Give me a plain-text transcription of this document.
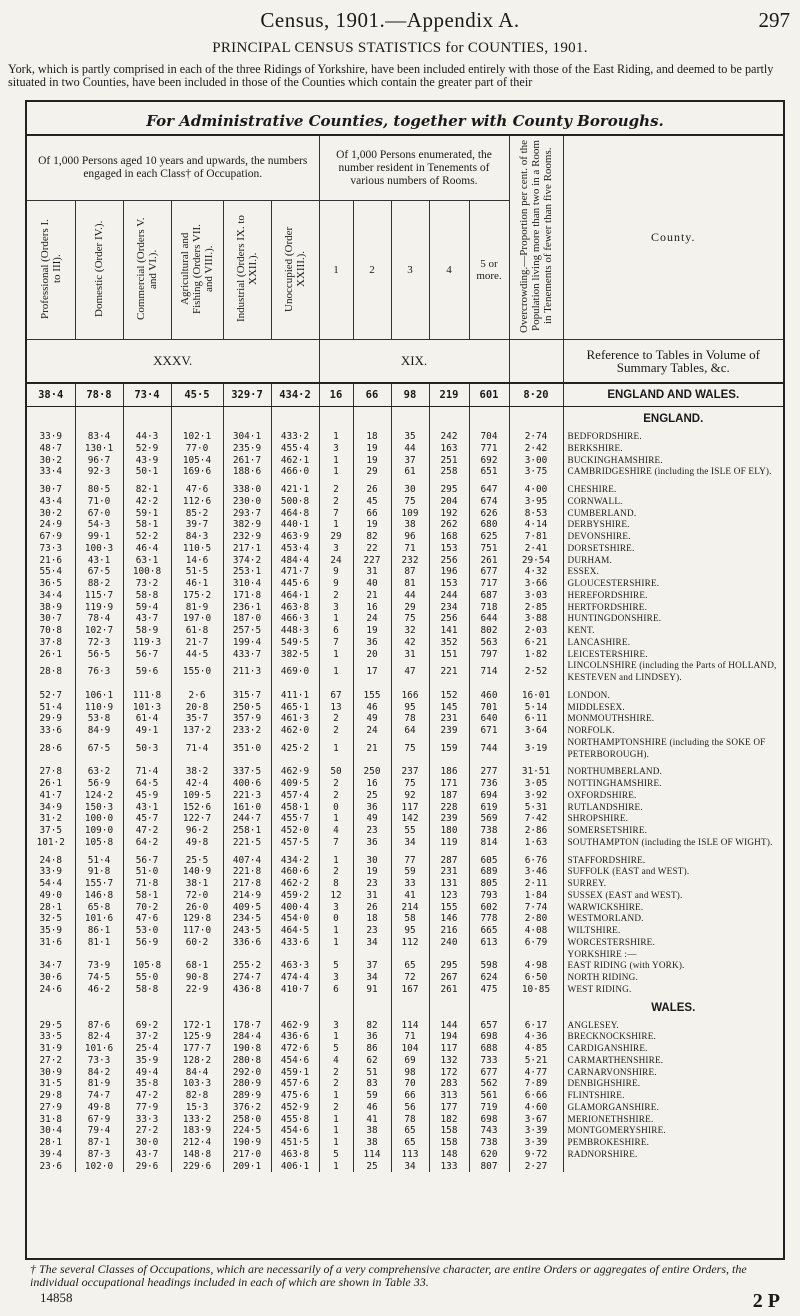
Census, 1901.—Appendix A.	297
PRINCIPAL CENSUS STATISTICS for COUNTIES, 1901.
York, which is partly comprised in each of the three Ridings of Yorkshire, have been included entirely with those of the East Riding, and deemed to be partly situated in two Counties, have been included in those of the Counties which contain the greater part of their
For Administrative Counties, together with County Boroughs.
Of 1,000 Persons aged 10 years and upwards, the numbers engaged in each Class† of Occupation.						Of 1,000 Persons enumerated, the number resident in Tenements of various numbers of Rooms.					Overcrowding.—Proportion per cent. of the Population living more than two in a Room in Tenements of fewer than five Rooms.	County.
Professional (Orders I. to III).	Domestic (Order IV.).	Commercial (Orders V. and VI.).	Agricultural and Fishing (Orders VII. and VIII.).	Industrial (Orders IX. to XXII.).	Unoccupied (Order XXIII.).	1	2	3	4	5 or more.		
XXXV.						XIX.						Reference to Tables in Volume of Summary Tables, &c.
38·4	78·8	73·4	45·5	329·7	434·2	16	66	98	219	601	8·20	ENGLAND AND WALES.
												ENGLAND.
33·9	83·4	44·3	102·1	304·1	433·2	1	18	35	242	704	2·74	BEDFORDSHIRE.
48·7	130·1	52·9	77·0	235·9	455·4	3	19	44	163	771	2·42	BERKSHIRE.
30·2	96·7	43·9	105·4	261·7	462·1	1	19	37	251	692	3·00	BUCKINGHAMSHIRE.
33·4	92·3	50·1	169·6	188·6	466·0	1	29	61	258	651	3·75	CAMBRIDGESHIRE (including the ISLE OF ELY).

30·7	80·5	82·1	47·6	338·0	421·1	2	26	30	295	647	4·00	CHESHIRE.
43·4	71·0	42·2	112·6	230·0	500·8	2	45	75	204	674	3·95	CORNWALL.
30·2	67·0	59·1	85·2	293·7	464·8	7	66	109	192	626	8·53	CUMBERLAND.
24·9	54·3	58·1	39·7	382·9	440·1	1	19	38	262	680	4·14	DERBYSHIRE.
67·9	99·1	52·2	84·3	232·9	463·9	29	82	96	168	625	7·81	DEVONSHIRE.
73·3	100·3	46·4	110·5	217·1	453·4	3	22	71	153	751	2·41	DORSETSHIRE.
21·6	43·1	63·1	14·6	374·2	484·4	24	227	232	256	261	29·54	DURHAM.
55·4	67·5	100·8	51·5	253·1	471·7	9	31	87	196	677	4·32	ESSEX.
36·5	88·2	73·2	46·1	310·4	445·6	9	40	81	153	717	3·66	GLOUCESTERSHIRE.
34·4	115·7	58·8	175·2	171·8	464·1	2	21	44	244	687	3·03	HEREFORDSHIRE.
38·9	119·9	59·4	81·9	236·1	463·8	3	16	29	234	718	2·85	HERTFORDSHIRE.
30·7	78·4	43·7	197·0	187·0	466·3	1	24	75	256	644	3·88	HUNTINGDONSHIRE.
70·8	102·7	58·9	61·8	257·5	448·3	6	19	32	141	802	2·03	KENT.
37·8	72·3	119·3	21·7	199·4	549·5	7	36	42	352	563	6·21	LANCASHIRE.
26·1	56·5	56·7	44·5	433·7	382·5	1	20	31	151	797	1·82	LEICESTERSHIRE.
28·8	76·3	59·6	155·0	211·3	469·0	1	17	47	221	714	2·52	LINCOLNSHIRE (including the Parts of HOLLAND, KESTEVEN and LINDSEY).

52·7	106·1	111·8	2·6	315·7	411·1	67	155	166	152	460	16·01	LONDON.
51·4	110·9	101·3	20·8	250·5	465·1	13	46	95	145	701	5·14	MIDDLESEX.
29·9	53·8	61·4	35·7	357·9	461·3	2	49	78	231	640	6·11	MONMOUTHSHIRE.
33·6	84·9	49·1	137·2	233·2	462·0	2	24	64	239	671	3·64	NORFOLK.
28·6	67·5	50·3	71·4	351·0	425·2	1	21	75	159	744	3·19	NORTHAMPTONSHIRE (including the SOKE OF PETERBOROUGH).

27·8	63·2	71·4	38·2	337·5	462·9	50	250	237	186	277	31·51	NORTHUMBERLAND.
26·1	56·9	64·5	42·4	400·6	409·5	2	16	75	171	736	3·05	NOTTINGHAMSHIRE.
41·7	124·2	45·9	109·5	221·3	457·4	2	25	92	187	694	3·92	OXFORDSHIRE.
34·9	150·3	43·1	152·6	161·0	458·1	0	36	117	228	619	5·31	RUTLANDSHIRE.
31·2	100·0	45·7	122·7	244·7	455·7	1	49	142	239	569	7·42	SHROPSHIRE.
37·5	109·0	47·2	96·2	258·1	452·0	4	23	55	180	738	2·86	SOMERSETSHIRE.
101·2	105·8	64·2	49·8	221·5	457·5	7	36	34	119	814	1·63	SOUTHAMPTON (including the ISLE OF WIGHT).

24·8	51·4	56·7	25·5	407·4	434·2	1	30	77	287	605	6·76	STAFFORDSHIRE.
33·9	91·8	51·0	140·9	221·8	460·6	2	19	59	231	689	3·46	SUFFOLK (EAST and WEST).
54·4	155·7	71·8	38·1	217·8	462·2	8	23	33	131	805	2·11	SURREY.
49·0	146·8	58·1	72·0	214·9	459·2	12	31	41	123	793	1·84	SUSSEX (EAST and WEST).
28·1	65·8	70·2	26·0	409·5	400·4	3	26	214	155	602	7·74	WARWICKSHIRE.
32·5	101·6	47·6	129·8	234·5	454·0	0	18	58	146	778	2·80	WESTMORLAND.
35·9	86·1	53·0	117·0	243·5	464·5	1	23	95	216	665	4·08	WILTSHIRE.
31·6	81·1	56·9	60·2	336·6	433·6	1	34	112	240	613	6·79	WORCESTERSHIRE.
												YORKSHIRE :—
34·7	73·9	105·8	68·1	255·2	463·3	5	37	65	295	598	4·98	EAST RIDING (with YORK).
30·6	74·5	55·0	90·8	274·7	474·4	3	34	72	267	624	6·50	NORTH RIDING.
24·6	46·2	58·8	22·9	436·8	410·7	6	91	167	261	475	10·85	WEST RIDING.
												WALES.
29·5	87·6	69·2	172·1	178·7	462·9	3	82	114	144	657	6·17	ANGLESEY.
33·5	82·4	37·2	125·9	284·4	436·6	1	36	71	194	698	4·36	BRECKNOCKSHIRE.
31·9	101·6	25·4	177·7	190·8	472·6	5	86	104	117	688	4·85	CARDIGANSHIRE.
27·2	73·3	35·9	128·2	280·8	454·6	4	62	69	132	733	5·21	CARMARTHENSHIRE.
30·9	84·2	49·4	84·4	292·0	459·1	2	51	98	172	677	4·77	CARNARVONSHIRE.
31·5	81·9	35·8	103·3	280·9	457·6	2	83	70	283	562	7·89	DENBIGHSHIRE.
29·8	74·7	47·2	82·8	289·9	475·6	1	59	66	313	561	6·66	FLINTSHIRE.
27·9	49·8	77·9	15·3	376·2	452·9	2	46	56	177	719	4·60	GLAMORGANSHIRE.
31·8	67·9	33·3	133·2	258·0	455·8	1	41	78	182	698	3·67	MERIONETHSHIRE.
30·4	79·4	27·2	183·9	224·5	454·6	1	38	65	158	743	3·39	MONTGOMERYSHIRE.
28·1	87·1	30·0	212·4	190·9	451·5	1	38	65	158	738	3·39	PEMBROKESHIRE.
39·4	87·3	43·7	148·8	217·0	463·8	5	114	113	148	620	9·72	RADNORSHIRE.
23·6	102·0	29·6	229·6	209·1	406·1	1	25	34	133	807	2·27	
† The several Classes of Occupations, which are necessarily of a very comprehensive character, are entire Orders or aggregates of entire Orders, the individual occupational headings included in each of which are shown in Table 33.
14858	2 P
